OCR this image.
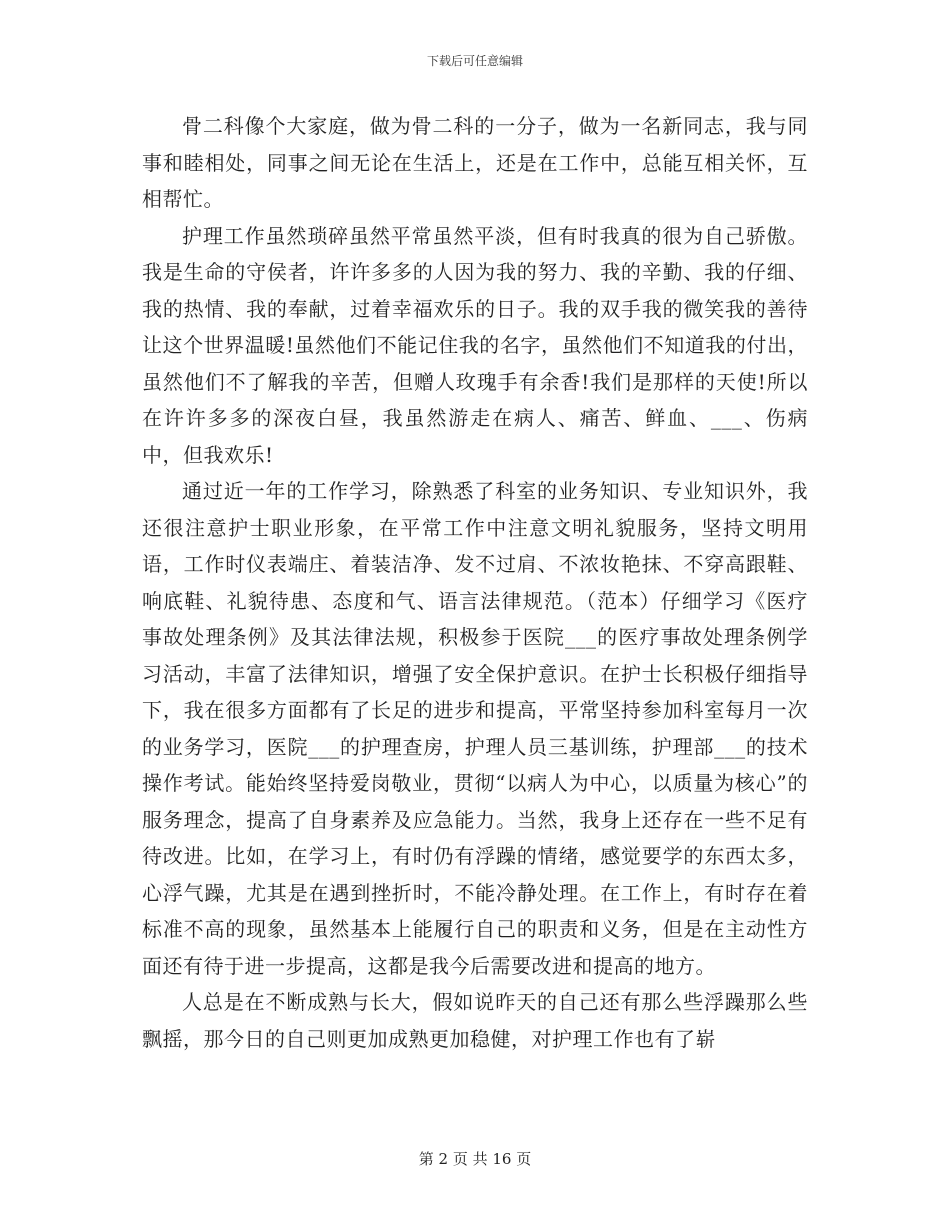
下载后可任意编辑

骨二科像个大家庭，做为骨二科的一分子，做为一名新同志，我与同事和睦相处，同事之间无论在生活上，还是在工作中，总能互相关怀，互相帮忙。

护理工作虽然琐碎虽然平常虽然平淡，但有时我真的很为自己骄傲。我是生命的守侯者，许许多多的人因为我的努力、我的辛勤、我的仔细、我的热情、我的奉献，过着幸福欢乐的日子。我的双手我的微笑我的善待让这个世界温暖!虽然他们不能记住我的名字，虽然他们不知道我的付出，虽然他们不了解我的辛苦，但赠人玫瑰手有余香!我们是那样的天使!所以在许许多多的深夜白昼，我虽然游走在病人、痛苦、鲜血、___、伤病中，但我欢乐!

通过近一年的工作学习，除熟悉了科室的业务知识、专业知识外，我还很注意护士职业形象，在平常工作中注意文明礼貌服务，坚持文明用语，工作时仪表端庄、着装洁净、发不过肩、不浓妆艳抹、不穿高跟鞋、响底鞋、礼貌待患、态度和气、语言法律规范。（范本）仔细学习《医疗事故处理条例》及其法律法规，积极参于医院___的医疗事故处理条例学习活动，丰富了法律知识，增强了安全保护意识。在护士长积极仔细指导下，我在很多方面都有了长足的进步和提高，平常坚持参加科室每月一次的业务学习，医院___的护理查房，护理人员三基训练，护理部___的技术操作考试。能始终坚持爱岗敬业，贯彻“以病人为中心，以质量为核心”的服务理念，提高了自身素养及应急能力。当然，我身上还存在一些不足有待改进。比如，在学习上，有时仍有浮躁的情绪，感觉要学的东西太多，心浮气躁，尤其是在遇到挫折时，不能冷静处理。在工作上，有时存在着标准不高的现象，虽然基本上能履行自己的职责和义务，但是在主动性方面还有待于进一步提高，这都是我今后需要改进和提高的地方。

人总是在不断成熟与长大，假如说昨天的自己还有那么些浮躁那么些飘摇，那今日的自己则更加成熟更加稳健，对护理工作也有了崭

第 2 页 共 16 页
